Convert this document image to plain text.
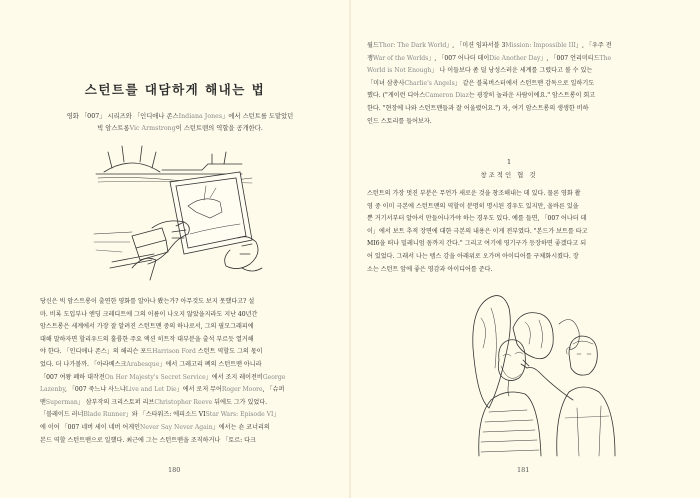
스턴트를 대담하게 해내는 법
영화 「007」 시리즈와 「인디애나 존스Indiana Jones」에서 스턴트를 도맡았던
빅 암스트롱Vic Armstrong이 스턴트맨의 역할을 공개한다.
당신은 빅 암스트롱이 출연한 영화를 알아나 봤는가? 아무것도 보지 못했다고? 설
마. 비록 도입부나 엔딩 크레디트에 그의 이름이 나오지 않았을지라도 지난 40년간
암스트롱은 세계에서 가장 잘 알려진 스턴트맨 중의 하나로서, 그의 필모그래피에
대해 말하자면 할리우드의 훌륭한 주요 액션 히트작 대부분을 출석 부르듯 열거해
야 한다. 「인디애나 존스」의 해리슨 포드Harrison Ford 스턴트 역할도 그의 몫이
었다. 더 나가볼까. 「아라베스크Arabesque」에서 그레고리 펙의 스턴트맨 아니라
「007 여왕 폐하 대작전On Her Majesty's Secret Service」에서 조지 레이전비George
Lazenby, 「007 죽느냐 사느냐Live and Let Die」에서 로저 무어Roger Moore, 「슈퍼
맨Superman」 삼부작의 크리스토퍼 리브Christopher Reeve 뒤에도 그가 있었다.
「블레이드 러너Blade Runner」와 「스타워즈: 에피소드 VIStar Wars: Episode VI」
에 이어 「007 네버 세이 네버 어게인Never Say Never Again」에서는 숀 코너리의
본드 역할 스턴트맨으로 일했다. 최근에 그는 스턴트맨을 조직하거나 「토르: 다크
180
월드Thor: The Dark World」, 「미션 임파서블 3Mission: Impossible III」, 「우주 전
쟁War of the Worlds」, 「007 어나더 데이Die Another Day」, 「007 언리미티드The
World is Not Enough」 나 이들보다 좀 덜 낭성스러운 세계를 그렸다고 볼 수 있는
「미녀 삼총사Charlie's Angels」 같은 블록버스터에서 스턴트맨 감독으로 일하기도
했다. ("게이런 디아스Cameron Diaz는 굉장히 놀라운 사람이에요." 암스트롱이 회고
한다. "현장에 나와 스턴트맨들과 잘 어울렸어요.") 자, 여기 암스트롱의 생생한 비하
인드 스토리를 들어보자.
1
창조적인 협 것
스턴트의 가장 멋진 부분은 무언가 새로운 것을 창조해내는 데 있다. 물론 영화 촬
영 중 이미 극본에 스턴트맨의 역할이 분명히 명시된 경우도 있지만, 올바른 있을
뿐 거기서부터 알아서 만들어나가야 하는 경우도 있다. 예를 들면, 「007 어나더 데
이」에서 보트 추적 장면에 대한 극본의 내용은 이게 전부였다. "본드가 보트를 타고
MI6을 떠나 밀레니엄 돔까지 간다." 그리고 여기에 영기구가 등장하면 좋겠다고 되
어 있었다. 그래서 나는 템스 강을 아래위로 오가며 아이디어를 구체화시켰다. 장
소는 스턴트 앞에 좋은 영감과 아이디어를 준다.
181
